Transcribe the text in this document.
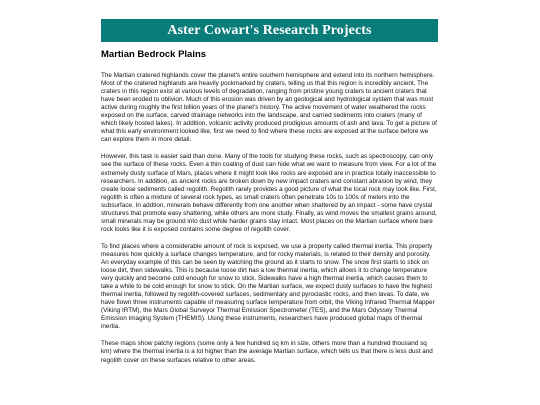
Aster Cowart's Research Projects
Martian Bedrock Plains

The Martian cratered highlands cover the planet's entire southern hemisphere and extend into its northern hemisphere. Most of the cratered highlands are heavily pockmarked by craters, telling us that this region is incredibly ancient. The craters in this region exist at various levels of degradation, ranging from pristine young craters to ancient craters that have been eroded to oblivion. Much of this erosion was driven by an geological and hydrological system that was most active during roughly the first billion years of the planet's history. The active movement of water weathered the rocks exposed on the surface, carved drainage networks into the landscape, and carried sediments into craters (many of which likely hosted lakes). In addition, volcanic activity produced prodigious amounts of ash and lava. To get a picture of what this early environment looked like, first we need to find where these rocks are exposed at the surface before we can explore them in more detail.

However, this task is easier said than done. Many of the tools for studying these rocks, such as spectroscopy, can only see the surface of these rocks. Even a thin coating of dust can hide what we want to measure from view. For a lot of the extremely dusty surface of Mars, places where it might look like rocks are exposed are in practice totally inaccessible to researchers. In addition, as ancient rocks are broken down by new impact craters and constant abrasion by wind, they create loose sediments called regolith. Regolith rarely provides a good picture of what the local rock may look like. First, regolith is often a mixture of several rock types, as small craters often penetrate 10s to 100s of meters into the subsurface. In addtion, minerals behave differently from one another when shattered by an impact - some have crystal structures that promote easy shattering, while others are more study. Finally, as wind moves the smallest grains around, small minerals may be ground into dust while harder grains stay intact. Most places on the Martian surface where bare rock looks like it is exposed contains some degree of regolith cover.

To find places where a considerable amount of rock is exposed, we use a property called thermal inertia. This property measures how quickly a surface changes temperature, and for rocky materials, is related to their density and porosity. An everyday example of this can be seen by watching the ground as it starts to snow. The snow first starts to stick on loose dirt, then sidewalks. This is because loose dirt has a low thermal inertia, which allows it to change temperature very quickly and become cold enough for snow to stick. Sidewalks have a high thermal inertia, which causes them to take a while to be cold enough for snow to stick. On the Martian surface, we expect dusty surfaces to have the highest thermal inertia, followed by regolith-covered surfaces, sedimentary and pyroclastic rocks, and then lavas. To date, we have flown three instruments capable of measuring surface temperature from orbit, the Viking Infrared Thermal Mapper (Viking IRTM), the Mars Global Surveyor Thermal Emission Spectrometer (TES), and the Mars Odyssey Thermal Emission Imaging System (THEMIS). Using these instruments, researchers have produced global maps of thermal inertia.

These maps show patchy regions (some only a few hundred sq km in size, others more than a hundred thousand sq km) where the thermal inertia is a lot higher than the average Martian surface, which tells us that there is less dust and regolith cover on these surfaces relative to other areas.
